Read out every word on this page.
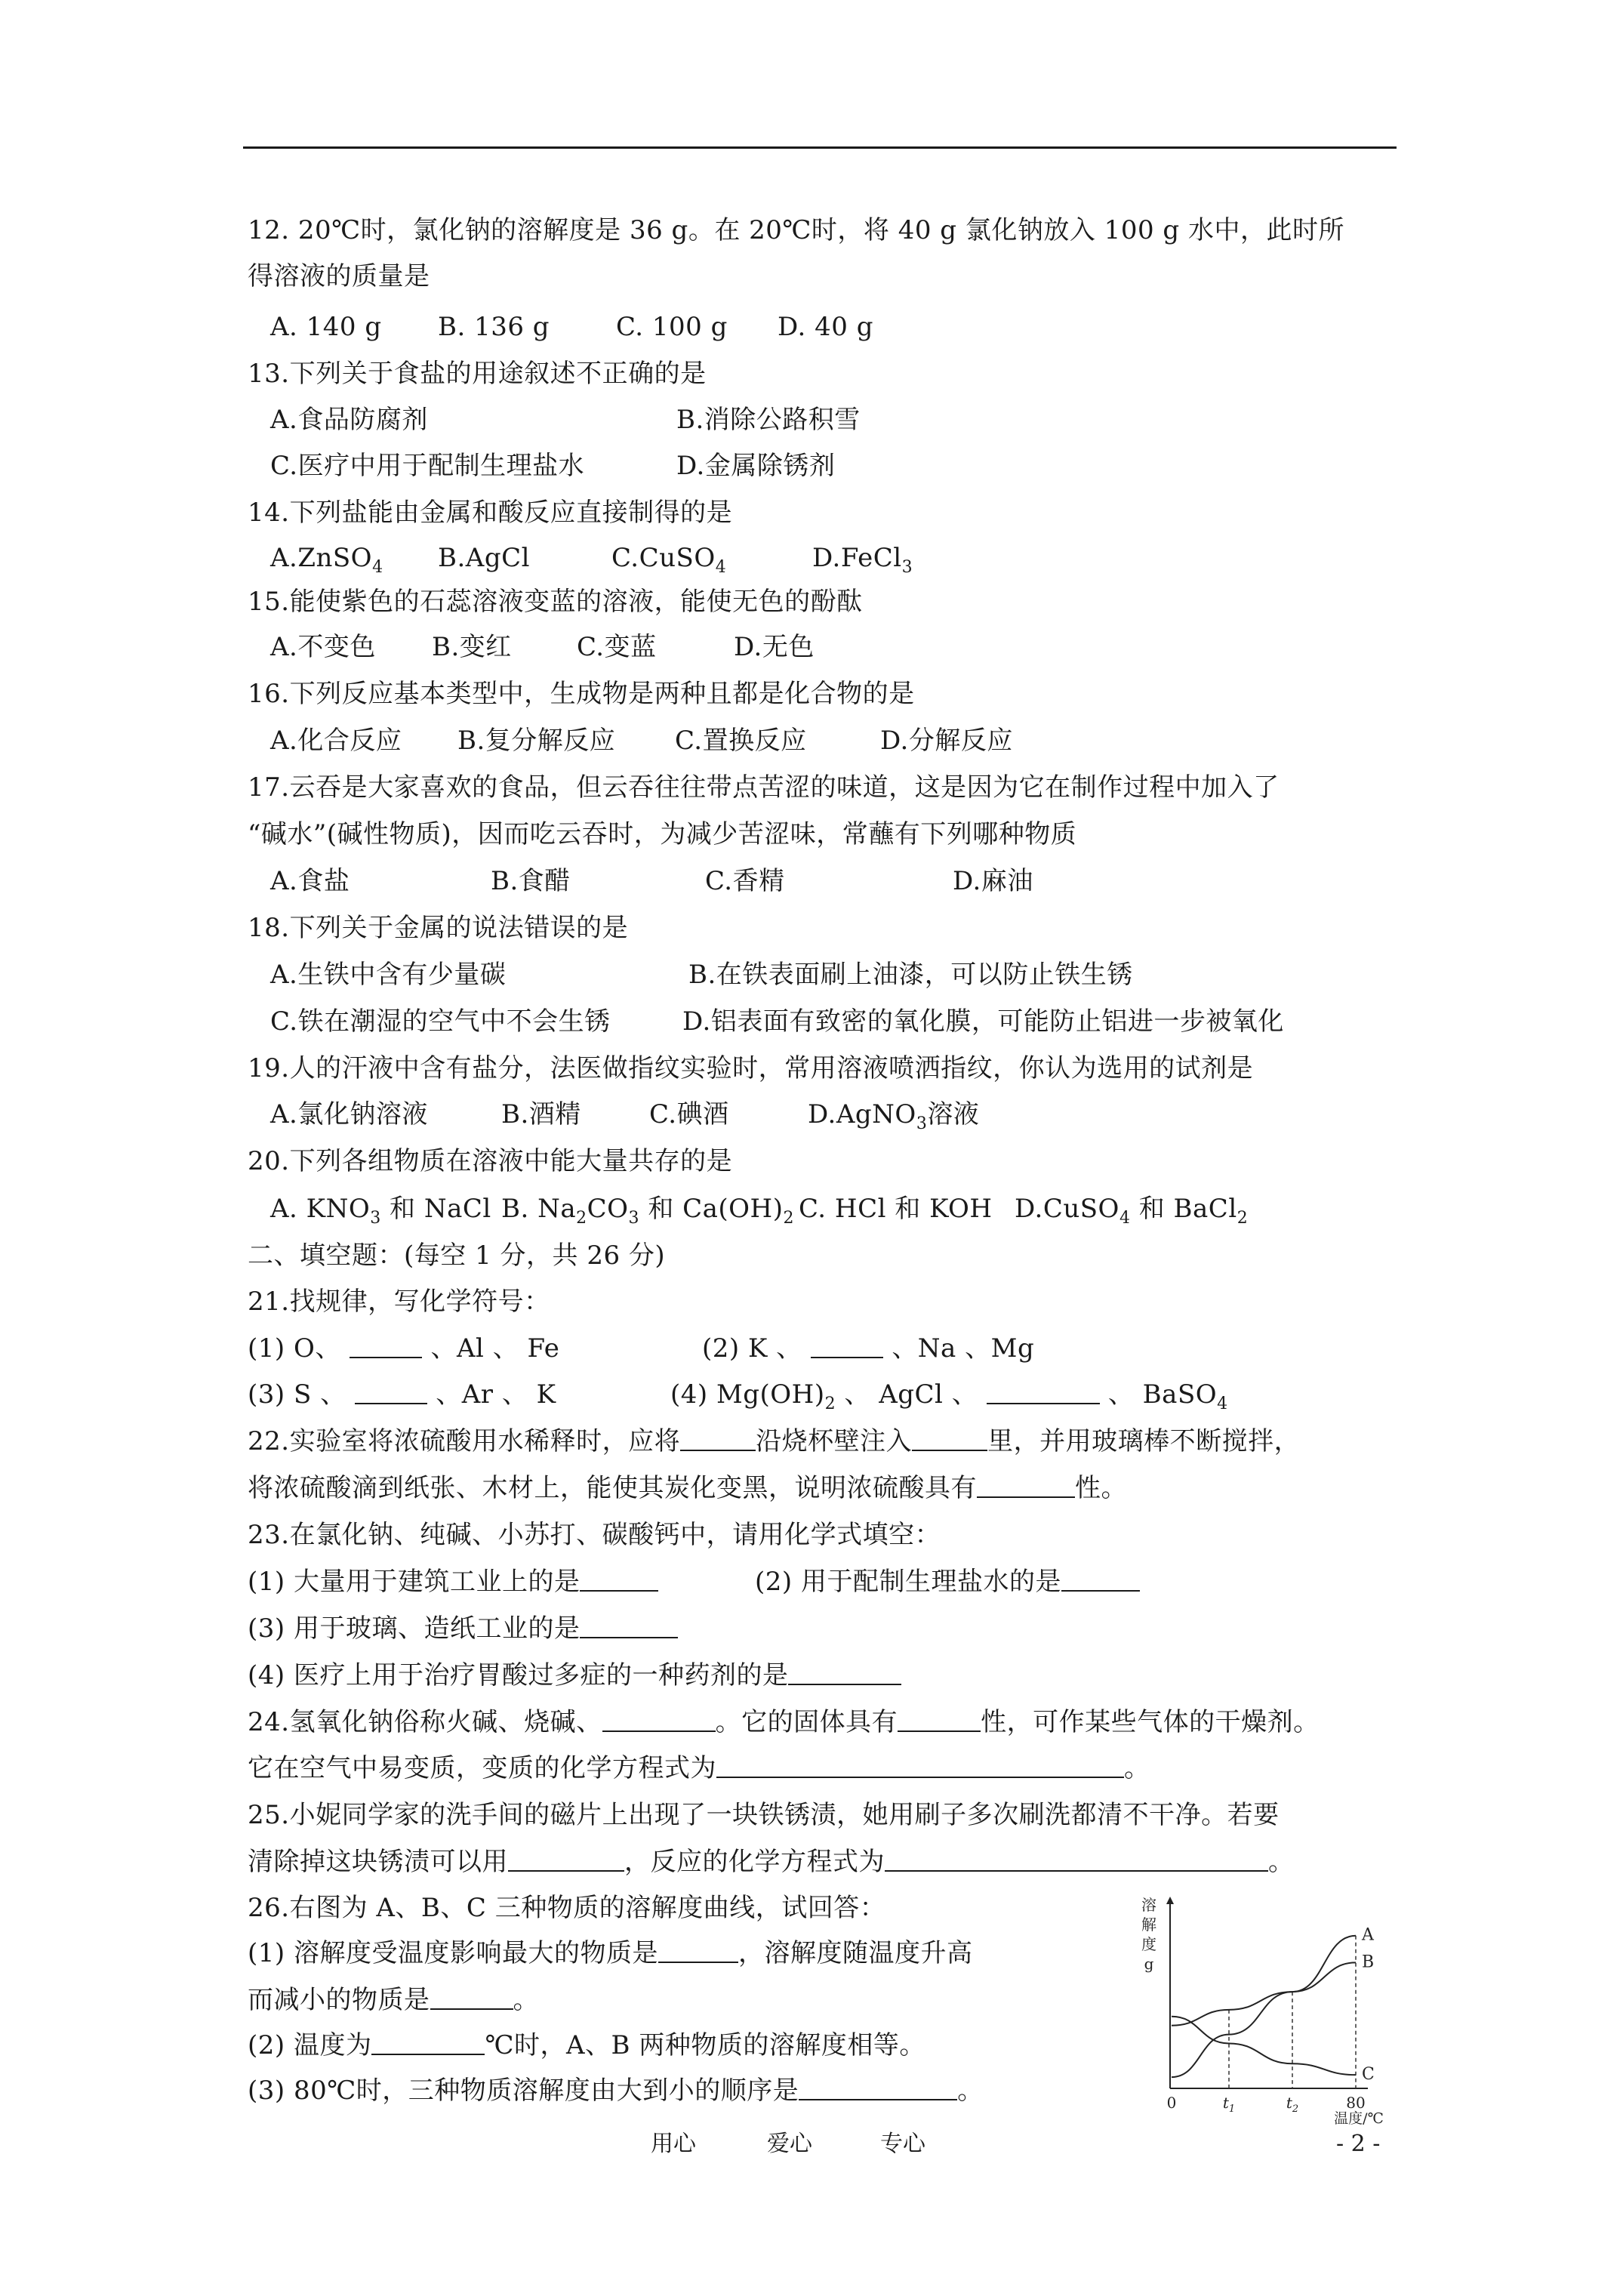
12. 20℃时，氯化钠的溶解度是 36 g。在 20℃时，将 40 g 氯化钠放入 100 g 水中，此时所
得溶液的质量是
A. 140 g B. 136 g	C. 100 g D. 40 g
13.下列关于食盐的用途叙述不正确的是
A.食品防腐剂	B.消除公路积雪
C.医疗中用于配制生理盐水	D.金属除锈剂
14.下列盐能由金属和酸反应直接制得的是
A.ZnSO$_4$ B.AgCl	C.CuSO$_4$	D.FeCl$_3$
15.能使紫色的石蕊溶液变蓝的溶液，能使无色的酚酞
A.不变色 B.变红	C.变蓝	D.无色
16.下列反应基本类型中，生成物是两种且都是化合物的是
A.化合反应 B.复分解反应 C.置换反应	D.分解反应
17.云吞是大家喜欢的食品，但云吞往往带点苦涩的味道，这是因为它在制作过程中加入了
“碱水”(碱性物质)，因而吃云吞时，为减少苦涩味，常蘸有下列哪种物质
A.食盐	B.食醋	C.香精	D.麻油
18.下列关于金属的说法错误的是
A.生铁中含有少量碳	B.在铁表面刷上油漆，可以防止铁生锈
C.铁在潮湿的空气中不会生锈	D.铝表面有致密的氧化膜，可能防止铝进一步被氧化
19.人的汗液中含有盐分，法医做指纹实验时，常用溶液喷洒指纹，你认为选用的试剂是
A.氯化钠溶液	B.酒精	C.碘酒	D.AgNO$_3$溶液
20.下列各组物质在溶液中能大量共存的是
A. $KNO_3$ 和 NaCl B. $Na_2CO_3$ 和 $Ca(OH)_2$ C. HCl 和 KOH D.CuSO$_4$ 和 BaCl$_2$
二、填空题：(每空 1 分，共 26 分)
21.找规律，写化学符号：
(1) O、	、Al 、 Fe	(2) K 、	、Na 、Mg
(3) S 、	、Ar 、 K	(4) $Mg(OH)_2$ 、 AgCl 、	、 BaSO$_4$
22.实验室将浓硫酸用水稀释时，应将	沿烧杯壁注入	里，并用玻璃棒不断搅拌，
将浓硫酸滴到纸张、木材上，能使其炭化变黑，说明浓硫酸具有	性。
23.在氯化钠、纯碱、小苏打、碳酸钙中，请用化学式填空：
(1) 大量用于建筑工业上的是	(2) 用于配制生理盐水的是
(3) 用于玻璃、造纸工业的是
(4) 医疗上用于治疗胃酸过多症的一种药剂的是
24.氢氧化钠俗称火碱、烧碱、	。它的固体具有	性，可作某些气体的干燥剂。
它在空气中易变质，变质的化学方程式为	。
25.小妮同学家的洗手间的磁片上出现了一块铁锈渍，她用刷子多次刷洗都清不干净。若要
清除掉这块锈渍可以用	，反应的化学方程式为	。
26.右图为 A、B、C 三种物质的溶解度曲线，试回答：
(1) 溶解度受温度影响最大的物质是	，溶解度随温度升高
而减小的物质是	。
(2) 温度为	℃时，A、B 两种物质的溶解度相等。
(3) 80℃时，三种物质溶解度由大到小的顺序是	。
溶
解
度
g
A
B
C
0	$t_1$	$t_2$	80
温度/℃
用心	爱心	专心	- 2 -
